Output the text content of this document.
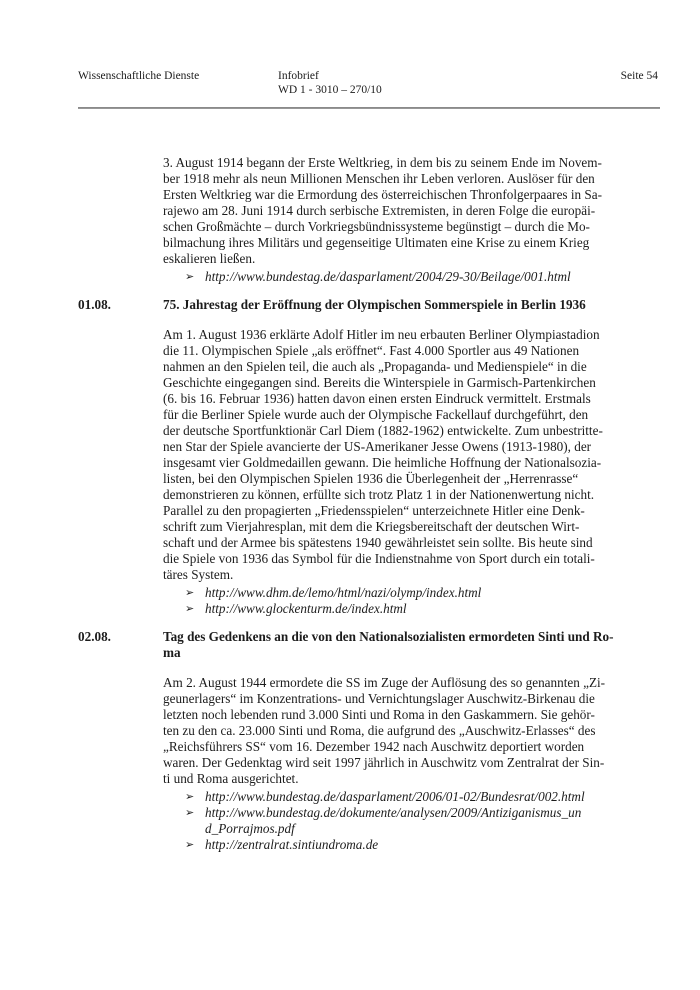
Wissenschaftliche Dienste	Infobrief
WD 1 - 3010 – 270/10
Seite 54
3. August 1914 begann der Erste Weltkrieg, in dem bis zu seinem Ende im Novem-
ber 1918 mehr als neun Millionen Menschen ihr Leben verloren. Auslöser für den
Ersten Weltkrieg war die Ermordung des österreichischen Thronfolgerpaares in Sa-
rajewo am 28. Juni 1914 durch serbische Extremisten, in deren Folge die europäi-
schen Großmächte – durch Vorkriegsbündnissysteme begünstigt – durch die Mo-
bilmachung ihres Militärs und gegenseitige Ultimaten eine Krise zu einem Krieg
eskalieren ließen.
➢ http://www.bundestag.de/dasparlament/2004/29-30/Beilage/001.html
01.08.	75. Jahrestag der Eröffnung der Olympischen Sommerspiele in Berlin 1936
Am 1. August 1936 erklärte Adolf Hitler im neu erbauten Berliner Olympiastadion
die 11. Olympischen Spiele „als eröffnet“. Fast 4.000 Sportler aus 49 Nationen
nahmen an den Spielen teil, die auch als „Propaganda- und Medienspiele“ in die
Geschichte eingegangen sind. Bereits die Winterspiele in Garmisch-Partenkirchen
(6. bis 16. Februar 1936) hatten davon einen ersten Eindruck vermittelt. Erstmals
für die Berliner Spiele wurde auch der Olympische Fackellauf durchgeführt, den
der deutsche Sportfunktionär Carl Diem (1882-1962) entwickelte. Zum unbestritte-
nen Star der Spiele avancierte der US-Amerikaner Jesse Owens (1913-1980), der
insgesamt vier Goldmedaillen gewann. Die heimliche Hoffnung der Nationalsozia-
listen, bei den Olympischen Spielen 1936 die Überlegenheit der „Herrenrasse“
demonstrieren zu können, erfüllte sich trotz Platz 1 in der Nationenwertung nicht.
Parallel zu den propagierten „Friedensspielen“ unterzeichnete Hitler eine Denk-
schrift zum Vierjahresplan, mit dem die Kriegsbereitschaft der deutschen Wirt-
schaft und der Armee bis spätestens 1940 gewährleistet sein sollte. Bis heute sind
die Spiele von 1936 das Symbol für die Indienstnahme von Sport durch ein totali-
täres System.
➢ http://www.dhm.de/lemo/html/nazi/olymp/index.html
➢ http://www.glockenturm.de/index.html
02.08.	Tag des Gedenkens an die von den Nationalsozialisten ermordeten Sinti und Ro-
ma
Am 2. August 1944 ermordete die SS im Zuge der Auflösung des so genannten „Zi-
geunerlagers“ im Konzentrations- und Vernichtungslager Auschwitz-Birkenau die
letzten noch lebenden rund 3.000 Sinti und Roma in den Gaskammern. Sie gehör-
ten zu den ca. 23.000 Sinti und Roma, die aufgrund des „Auschwitz-Erlasses“ des
„Reichsführers SS“ vom 16. Dezember 1942 nach Auschwitz deportiert worden
waren. Der Gedenktag wird seit 1997 jährlich in Auschwitz vom Zentralrat der Sin-
ti und Roma ausgerichtet.
➢ http://www.bundestag.de/dasparlament/2006/01-02/Bundesrat/002.html
➢ http://www.bundestag.de/dokumente/analysen/2009/Antiziganismus_un
d_Porrajmos.pdf
➢ http://zentralrat.sintiundroma.de
